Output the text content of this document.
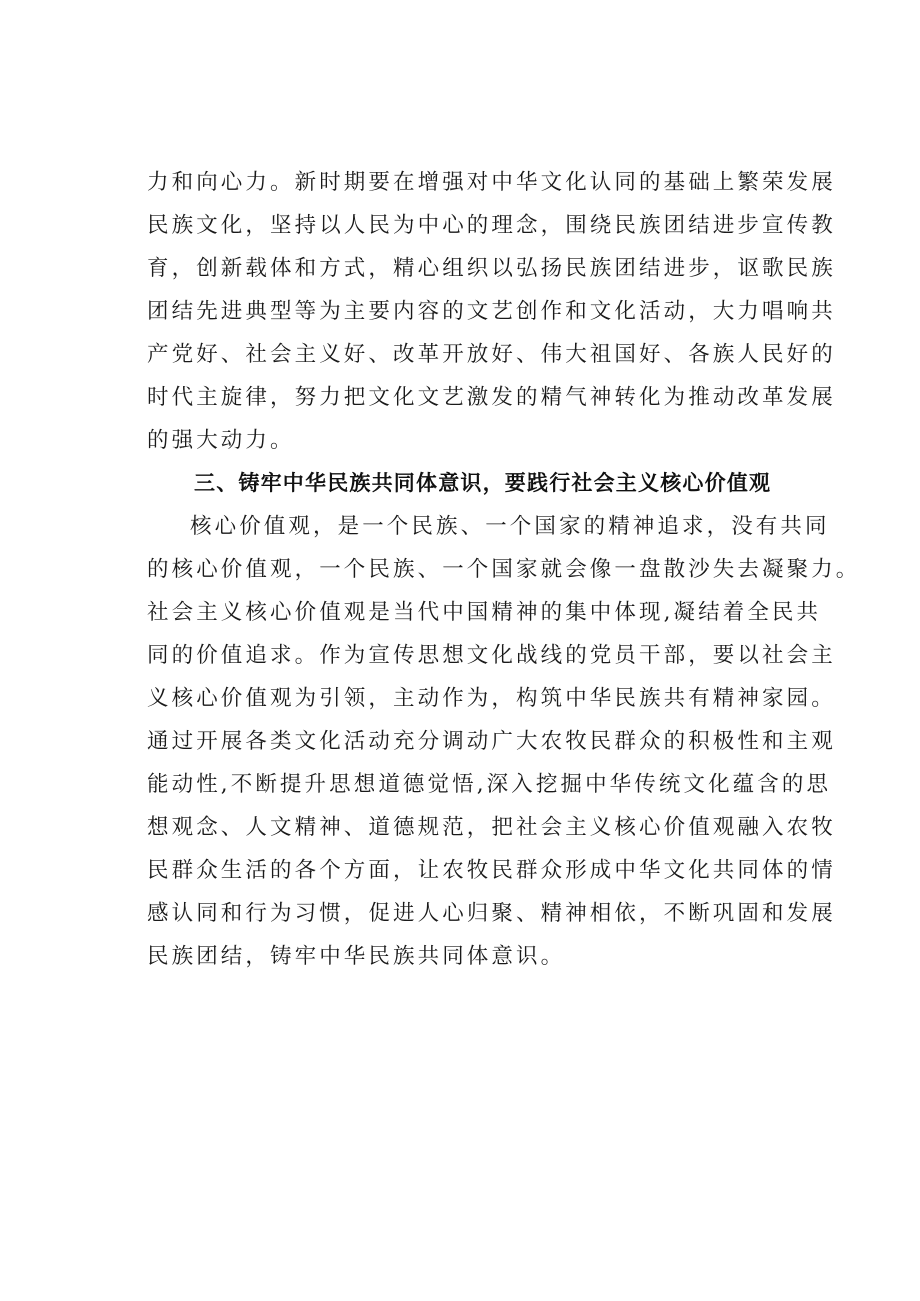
力和向心力。新时期要在增强对中华文化认同的基础上繁荣发展
民族文化，坚持以人民为中心的理念，围绕民族团结进步宣传教
育，创新载体和方式，精心组织以弘扬民族团结进步，讴歌民族
团结先进典型等为主要内容的文艺创作和文化活动，大力唱响共
产党好、社会主义好、改革开放好、伟大祖国好、各族人民好的
时代主旋律，努力把文化文艺激发的精气神转化为推动改革发展
的强大动力。
三、铸牢中华民族共同体意识，要践行社会主义核心价值观
核心价值观，是一个民族、一个国家的精神追求，没有共同
的核心价值观，一个民族、一个国家就会像一盘散沙失去凝聚力。
社会主义核心价值观是当代中国精神的集中体现,凝结着全民共
同的价值追求。作为宣传思想文化战线的党员干部，要以社会主
义核心价值观为引领，主动作为，构筑中华民族共有精神家园。
通过开展各类文化活动充分调动广大农牧民群众的积极性和主观
能动性,不断提升思想道德觉悟,深入挖掘中华传统文化蕴含的思
想观念、人文精神、道德规范，把社会主义核心价值观融入农牧
民群众生活的各个方面，让农牧民群众形成中华文化共同体的情
感认同和行为习惯，促进人心归聚、精神相依，不断巩固和发展
民族团结，铸牢中华民族共同体意识。
